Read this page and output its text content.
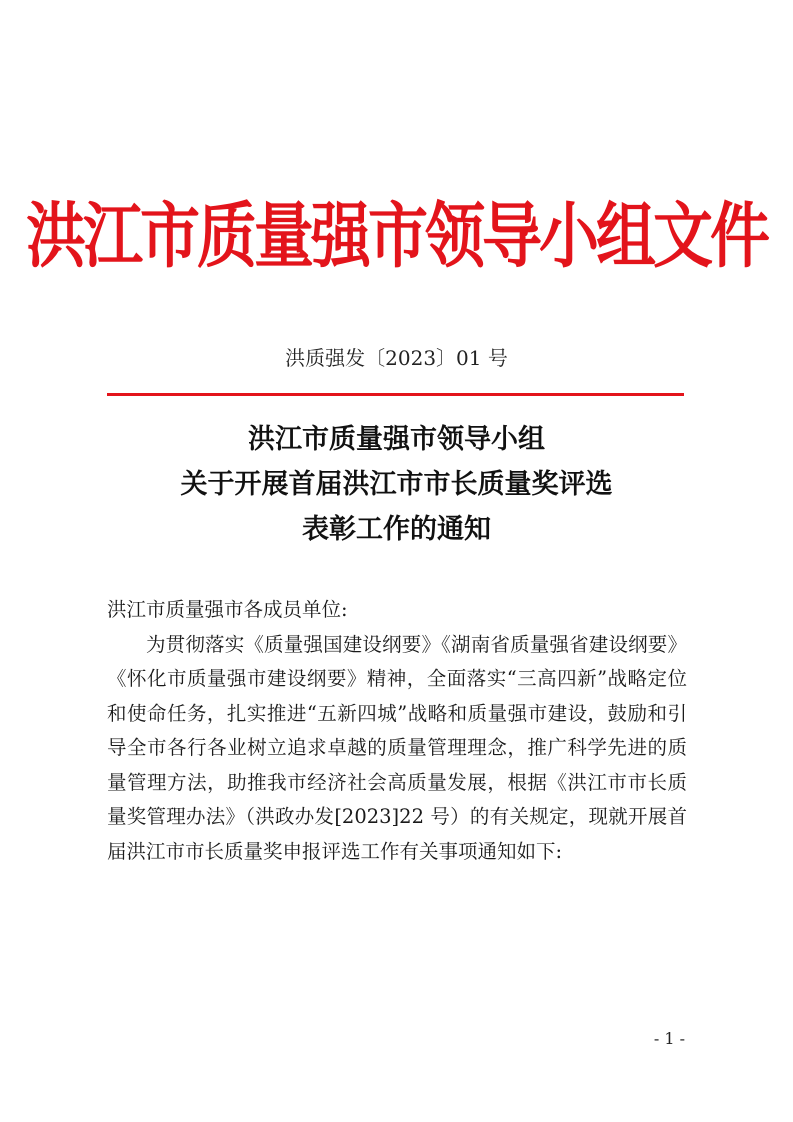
洪江市质量强市领导小组文件
洪质强发〔2023〕01 号
洪江市质量强市领导小组
关于开展首届洪江市市长质量奖评选
表彰工作的通知

洪江市质量强市各成员单位:

为贯彻落实《质量强国建设纲要》《湖南省质量强省建设纲要》《怀化市质量强市建设纲要》精神，全面落实“三高四新”战略定位和使命任务，扎实推进“五新四城”战略和质量强市建设，鼓励和引导全市各行各业树立追求卓越的质量管理理念，推广科学先进的质量管理方法，助推我市经济社会高质量发展，根据《洪江市市长质量奖管理办法》（洪政办发[2023]22 号）的有关规定，现就开展首届洪江市市长质量奖申报评选工作有关事项通知如下:

- 1 -
